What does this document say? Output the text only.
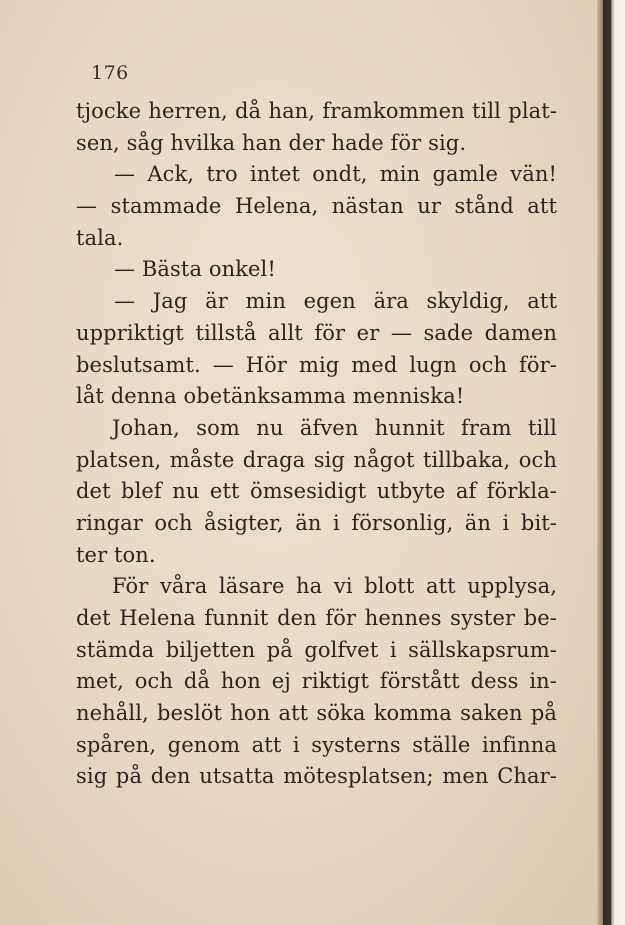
176
tjocke herren, då han, framkommen till plat-
sen, såg hvilka han der hade för sig.
— Ack, tro intet ondt, min gamle vän!
— stammade Helena, nästan ur stånd att
tala.
— Bästa onkel!
— Jag är min egen ära skyldig, att
uppriktigt tillstå allt för er — sade damen
beslutsamt. — Hör mig med lugn och för-
låt denna obetänksamma menniska!
Johan, som nu äfven hunnit fram till
platsen, måste draga sig något tillbaka, och
det blef nu ett ömsesidigt utbyte af förkla-
ringar och åsigter, än i försonlig, än i bit-
ter ton.
För våra läsare ha vi blott att upplysa,
det Helena funnit den för hennes syster be-
stämda biljetten på golfvet i sällskapsrum-
met, och då hon ej riktigt förstått dess in-
nehåll, beslöt hon att söka komma saken på
spåren, genom att i systerns ställe infinna
sig på den utsatta mötesplatsen; men Char-
